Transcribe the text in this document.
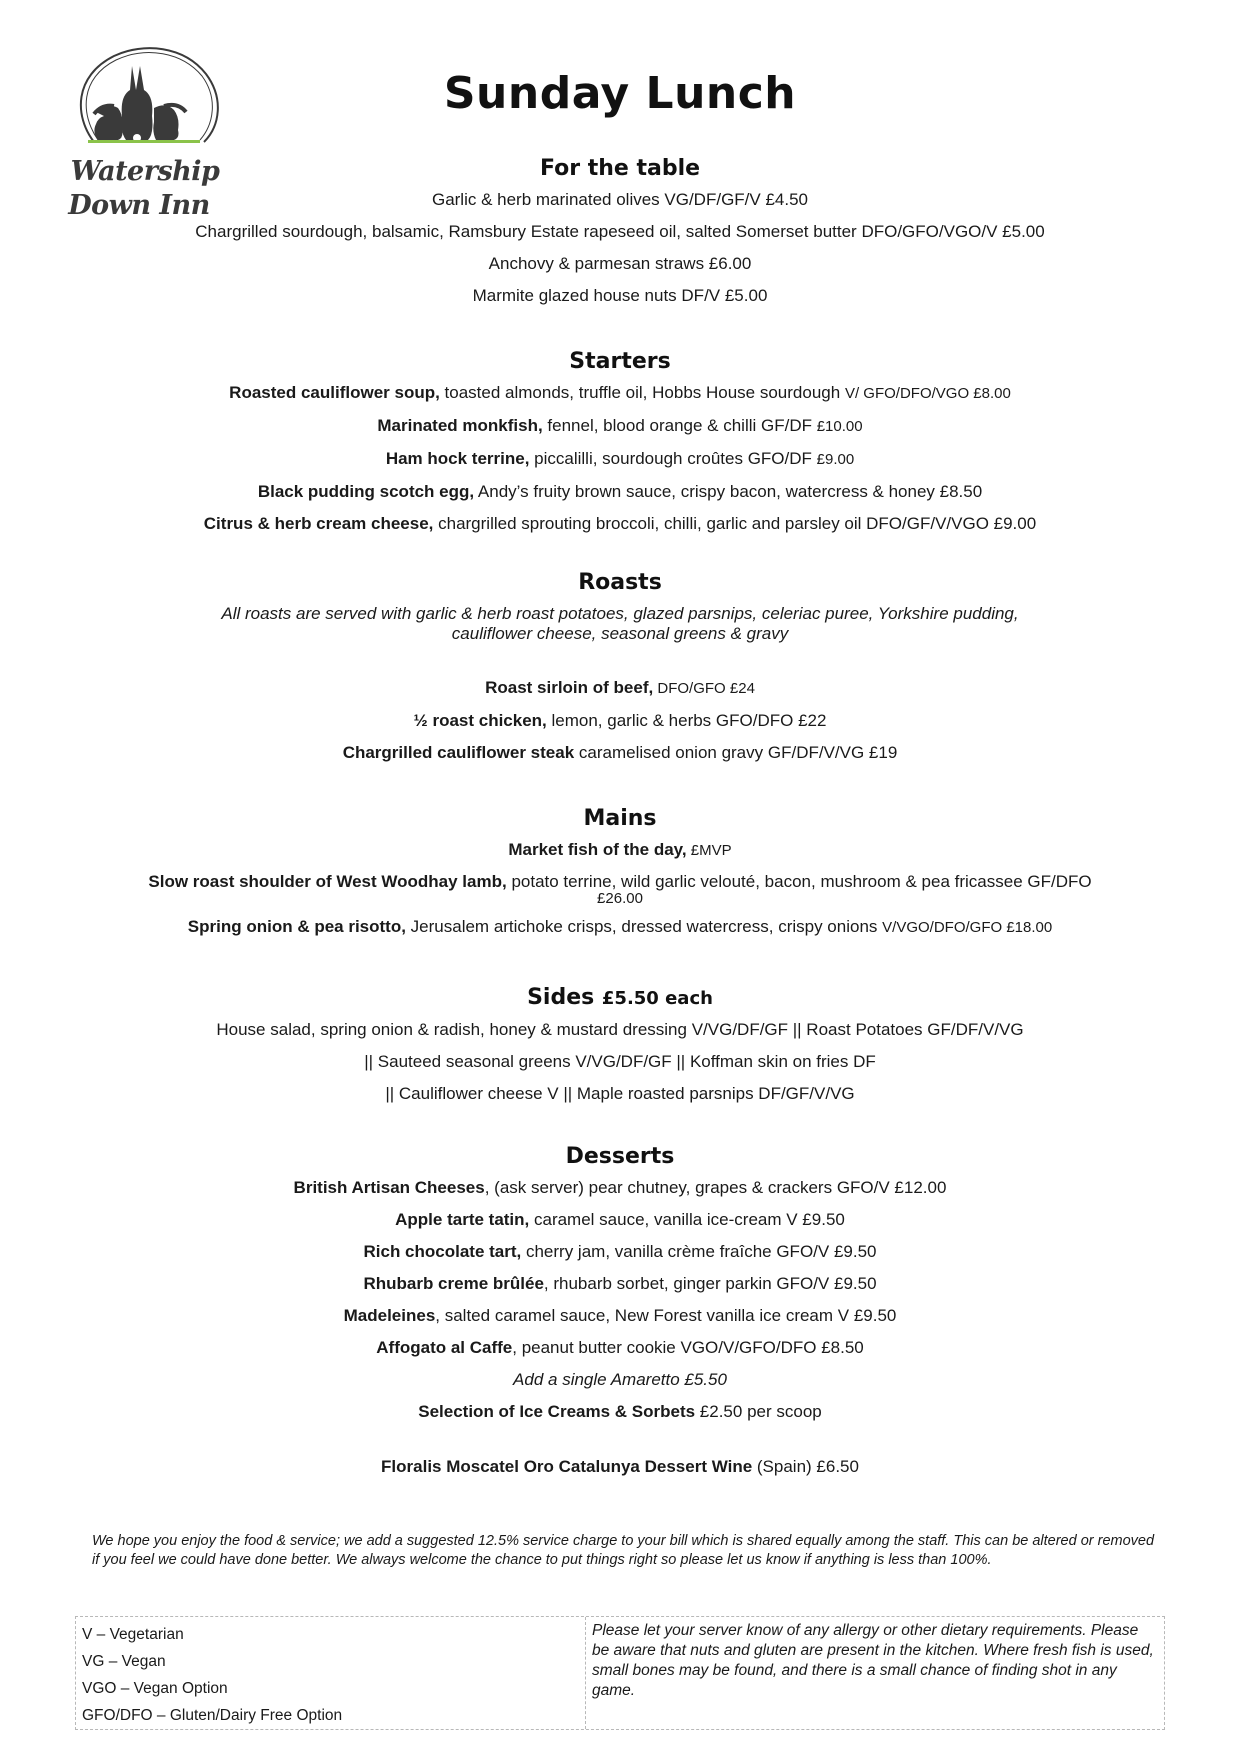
Watership
Down Inn
Sunday Lunch
For the table
Garlic & herb marinated olives VG/DF/GF/V £4.50
Chargrilled sourdough, balsamic, Ramsbury Estate rapeseed oil, salted Somerset butter DFO/GFO/VGO/V £5.00
Anchovy & parmesan straws £6.00
Marmite glazed house nuts DF/V £5.00
Starters
Roasted cauliflower soup, toasted almonds, truffle oil, Hobbs House sourdough V/ GFO/DFO/VGO £8.00
Marinated monkfish, fennel, blood orange & chilli GF/DF £10.00
Ham hock terrine, piccalilli, sourdough croûtes GFO/DF £9.00
Black pudding scotch egg, Andy’s fruity brown sauce, crispy bacon, watercress & honey £8.50
Citrus & herb cream cheese, chargrilled sprouting broccoli, chilli, garlic and parsley oil DFO/GF/V/VGO £9.00
Roasts
All roasts are served with garlic & herb roast potatoes, glazed parsnips, celeriac puree, Yorkshire pudding,
cauliflower cheese, seasonal greens & gravy
Roast sirloin of beef, DFO/GFO £24
½ roast chicken, lemon, garlic & herbs GFO/DFO £22
Chargrilled cauliflower steak caramelised onion gravy GF/DF/V/VG £19
Mains
Market fish of the day, £MVP
Slow roast shoulder of West Woodhay lamb, potato terrine, wild garlic velouté, bacon, mushroom & pea fricassee GF/DFO
£26.00
Spring onion & pea risotto, Jerusalem artichoke crisps, dressed watercress, crispy onions V/VGO/DFO/GFO £18.00
Sides £5.50 each
House salad, spring onion & radish, honey & mustard dressing V/VG/DF/GF || Roast Potatoes GF/DF/V/VG
|| Sauteed seasonal greens V/VG/DF/GF || Koffman skin on fries DF
|| Cauliflower cheese V || Maple roasted parsnips DF/GF/V/VG
Desserts
British Artisan Cheeses, (ask server) pear chutney, grapes & crackers GFO/V £12.00
Apple tarte tatin, caramel sauce, vanilla ice-cream V £9.50
Rich chocolate tart, cherry jam, vanilla crème fraîche GFO/V £9.50
Rhubarb creme brûlée, rhubarb sorbet, ginger parkin GFO/V £9.50
Madeleines, salted caramel sauce, New Forest vanilla ice cream V £9.50
Affogato al Caffe, peanut butter cookie VGO/V/GFO/DFO £8.50
Add a single Amaretto £5.50
Selection of Ice Creams & Sorbets £2.50 per scoop
Floralis Moscatel Oro Catalunya Dessert Wine (Spain) £6.50
We hope you enjoy the food & service; we add a suggested 12.5% service charge to your bill which is shared equally among the staff. This can be altered or removed if you feel we could have done better. We always welcome the chance to put things right so please let us know if anything is less than 100%.
V – Vegetarian
VG – Vegan
VGO – Vegan Option
GFO/DFO – Gluten/Dairy Free Option
Please let your server know of any allergy or other dietary requirements. Please be aware that nuts and gluten are present in the kitchen. Where fresh fish is used, small bones may be found, and there is a small chance of finding shot in any game.
